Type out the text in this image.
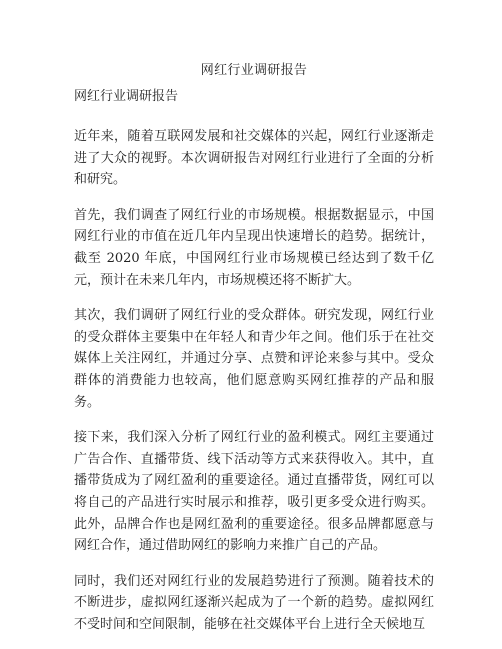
网红行业调研报告
网红行业调研报告
近年来，随着互联网发展和社交媒体的兴起，网红行业逐渐走进了大众的视野。本次调研报告对网红行业进行了全面的分析和研究。
首先，我们调查了网红行业的市场规模。根据数据显示，中国网红行业的市值在近几年内呈现出快速增长的趋势。据统计，截至 2020 年底，中国网红行业市场规模已经达到了数千亿元，预计在未来几年内，市场规模还将不断扩大。
其次，我们调研了网红行业的受众群体。研究发现，网红行业的受众群体主要集中在年轻人和青少年之间。他们乐于在社交媒体上关注网红，并通过分享、点赞和评论来参与其中。受众群体的消费能力也较高，他们愿意购买网红推荐的产品和服务。
接下来，我们深入分析了网红行业的盈利模式。网红主要通过广告合作、直播带货、线下活动等方式来获得收入。其中，直播带货成为了网红盈利的重要途径。通过直播带货，网红可以将自己的产品进行实时展示和推荐，吸引更多受众进行购买。此外，品牌合作也是网红盈利的重要途径。很多品牌都愿意与网红合作，通过借助网红的影响力来推广自己的产品。
同时，我们还对网红行业的发展趋势进行了预测。随着技术的不断进步，虚拟网红逐渐兴起成为了一个新的趋势。虚拟网红不受时间和空间限制，能够在社交媒体平台上进行全天候地互
